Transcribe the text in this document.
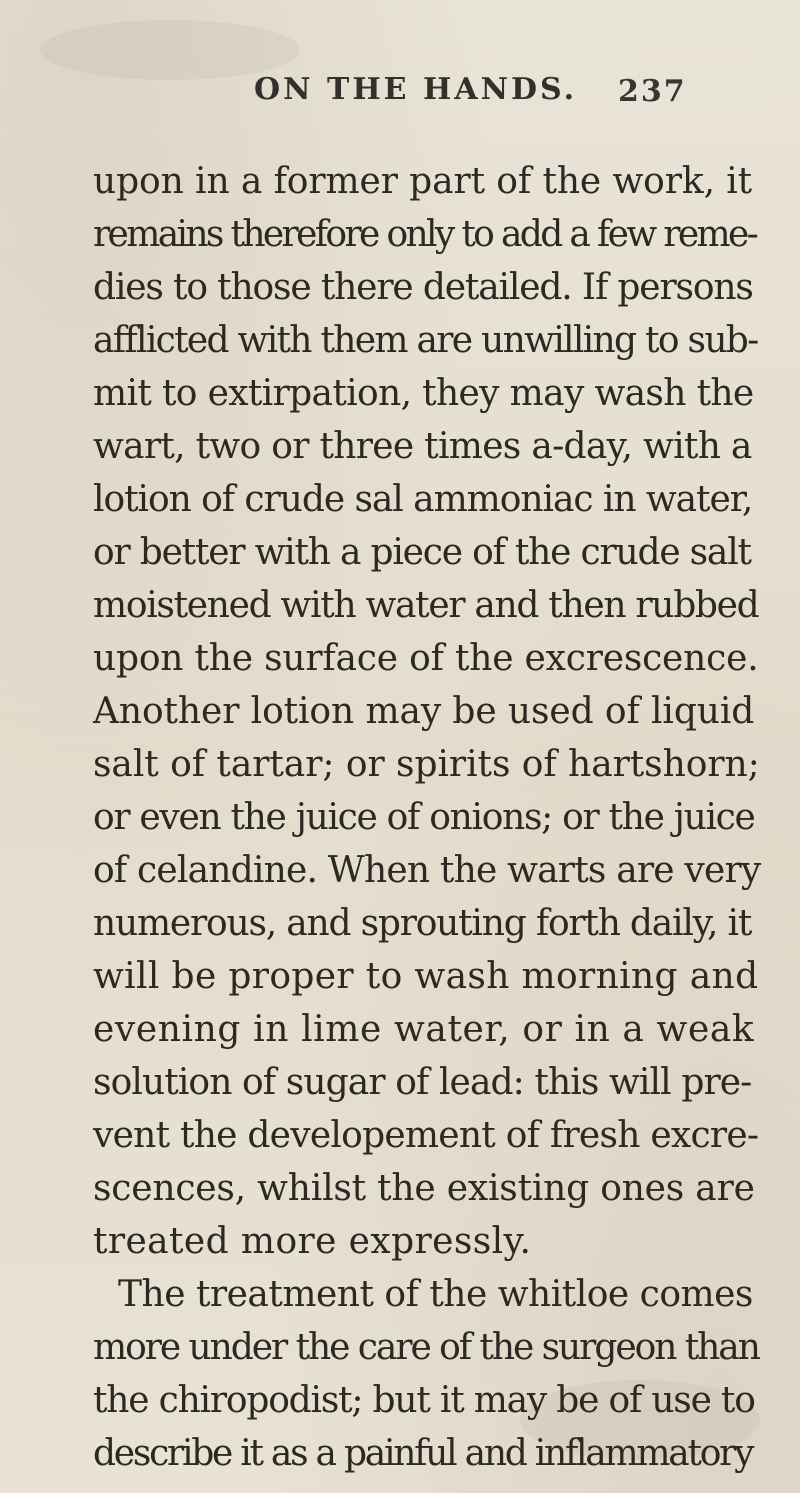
ON THE HANDS. 237
upon in a former part of the work, it
remains therefore only to add a few reme-
dies to those there detailed. If persons
afflicted with them are unwilling to sub-
mit to extirpation, they may wash the
wart, two or three times a-day, with a
lotion of crude sal ammoniac in water,
or better with a piece of the crude salt
moistened with water and then rubbed
upon the surface of the excrescence.
Another lotion may be used of liquid
salt of tartar; or spirits of hartshorn;
or even the juice of onions; or the juice
of celandine. When the warts are very
numerous, and sprouting forth daily, it
will be proper to wash morning and
evening in lime water, or in a weak
solution of sugar of lead: this will pre-
vent the developement of fresh excre-
scences, whilst the existing ones are
treated more expressly.
The treatment of the whitloe comes
more under the care of the surgeon than
the chiropodist; but it may be of use to
describe it as a painful and inflammatory
